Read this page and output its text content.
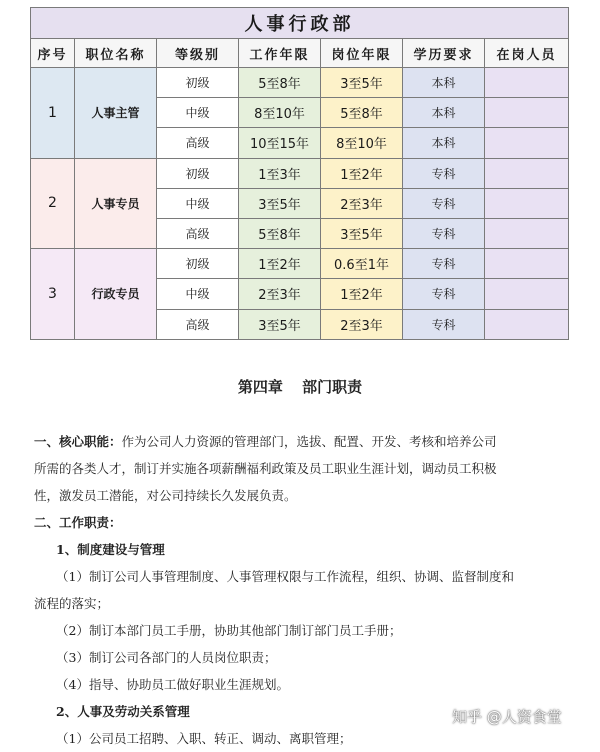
人事行政部						
序号	职位名称	等级别	工作年限	岗位年限	学历要求	在岗人员
1	人事主管	初级	5至8年	3至5年	本科	
		中级	8至10年	5至8年	本科	
		高级	10至15年	8至10年	本科	
2	人事专员	初级	1至3年	1至2年	专科	
		中级	3至5年	2至3年	专科	
		高级	5至8年	3至5年	专科	
3	行政专员	初级	1至2年	0.6至1年	专科	
		中级	2至3年	1至2年	专科	
		高级	3至5年	2至3年	专科	
第四章 部门职责

一、核心职能：作为公司人力资源的管理部门，选拔、配置、开发、考核和培养公司

所需的各类人才，制订并实施各项薪酬福利政策及员工职业生涯计划，调动员工积极

性，激发员工潜能，对公司持续长久发展负责。

二、工作职责：

1、制度建设与管理

（1）制订公司人事管理制度、人事管理权限与工作流程，组织、协调、监督制度和

流程的落实；

（2）制订本部门员工手册，协助其他部门制订部门员工手册；

（3）制订公司各部门的人员岗位职责；

（4）指导、协助员工做好职业生涯规划。

2、人事及劳动关系管理

（1）公司员工招聘、入职、转正、调动、离职管理；

知乎 @人资食堂
